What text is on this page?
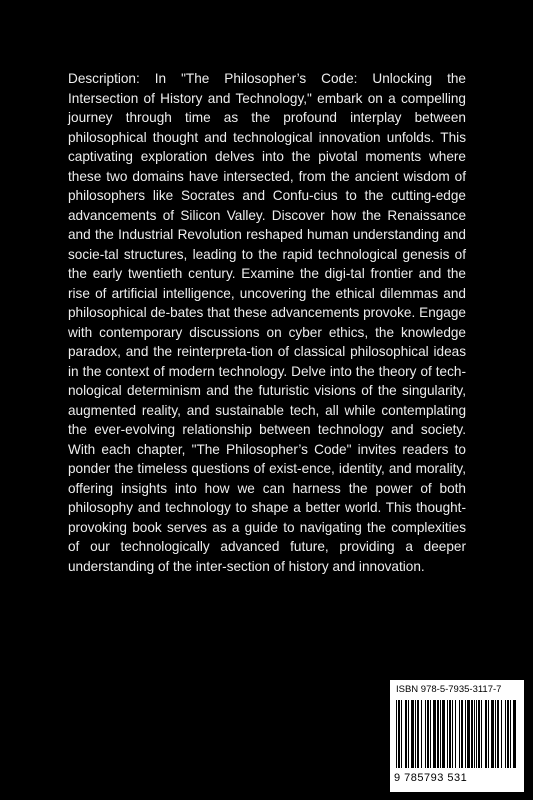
Description: In "The Philosopher’s Code: Unlocking the Intersection of History and Technology," embark on a compelling journey through time as the profound interplay between philosophical thought and technological innovation unfolds. This captivating exploration delves into the pivotal moments where these two domains have intersected, from the ancient wisdom of philosophers like Socrates and Confu-cius to the cutting-edge advancements of Silicon Valley. Discover how the Renaissance and the Industrial Revolution reshaped human understanding and socie-tal structures, leading to the rapid technological genesis of the early twentieth century. Examine the digi-tal frontier and the rise of artificial intelligence, uncovering the ethical dilemmas and philosophical de-bates that these advancements provoke. Engage with contemporary discussions on cyber ethics, the knowledge paradox, and the reinterpreta-tion of classical philosophical ideas in the context of modern technology. Delve into the theory of tech-nological determinism and the futuristic visions of the singularity, augmented reality, and sustainable tech, all while contemplating the ever-evolving relationship between technology and society. With each chapter, "The Philosopher’s Code" invites readers to ponder the timeless questions of exist-ence, identity, and morality, offering insights into how we can harness the power of both philosophy and technology to shape a better world. This thought-provoking book serves as a guide to navigating the complexities of our technologically advanced future, providing a deeper understanding of the inter-section of history and innovation.

ISBN 978-5-7935-3117-7
9 785793 531
